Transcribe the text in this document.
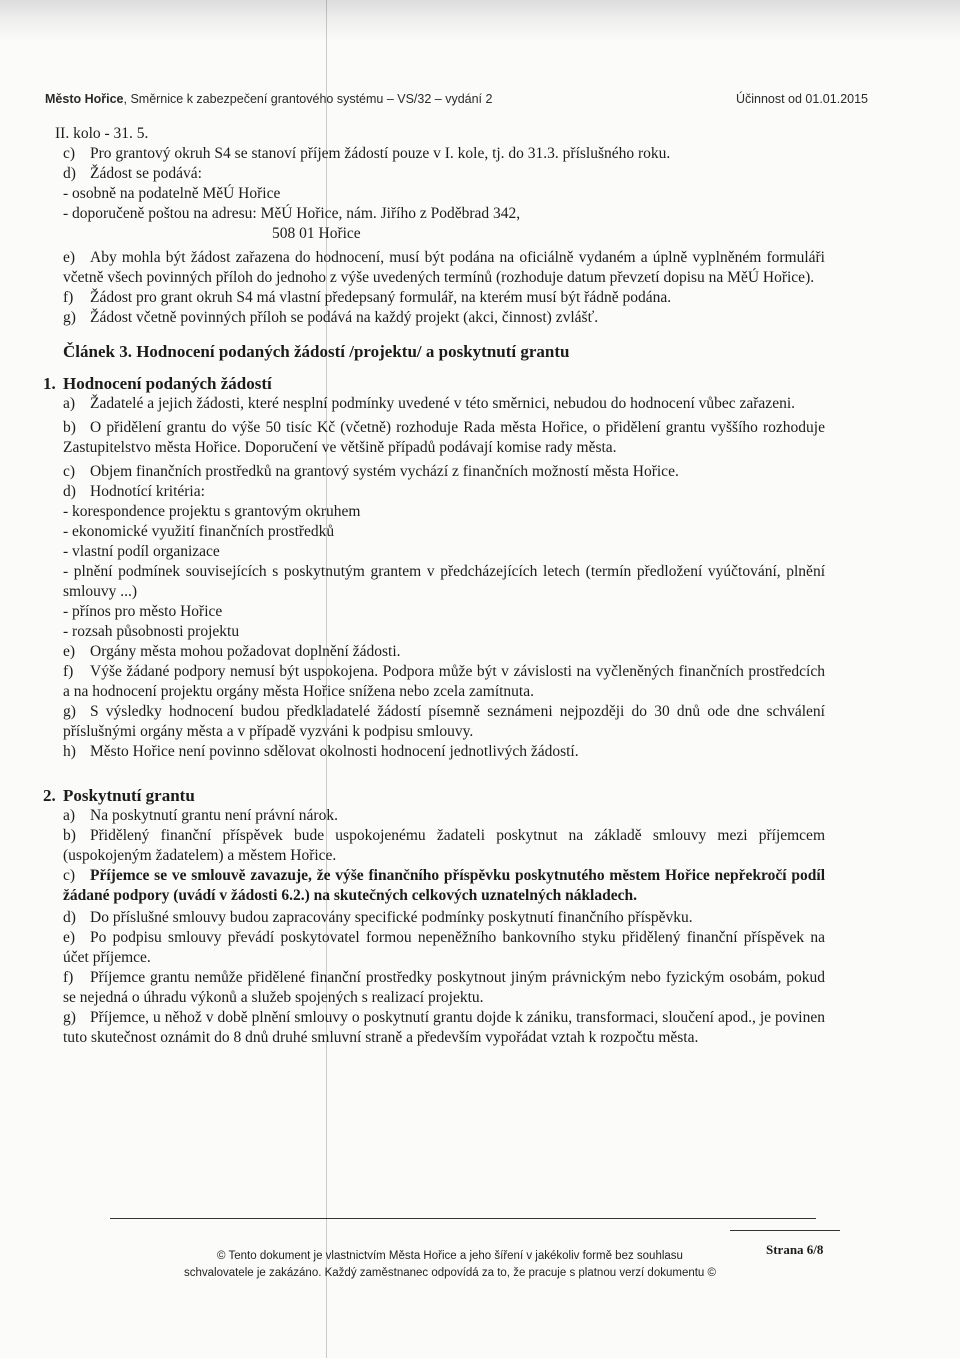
Město Hořice, Směrnice k zabezpečení grantového systému – VS/32 – vydání 2	Účinnost od 01.01.2015

II. kolo - 31. 5.

c) Pro grantový okruh S4 se stanoví příjem žádostí pouze v I. kole, tj. do 31.3. příslušného roku.
d) Žádost se podává:

- osobně na podatelně MěÚ Hořice

- doporučeně poštou na adresu: MěÚ Hořice, nám. Jiřího z Poděbrad 342,

508 01 Hořice

e) Aby mohla být žádost zařazena do hodnocení, musí být podána na oficiálně vydaném a úplně vyplněném formuláři včetně všech povinných příloh do jednoho z výše uvedených termínů (rozhoduje datum převzetí dopisu na MěÚ Hořice).
f)	Žádost pro grant okruh S4 má vlastní předepsaný formulář, na kterém musí být řádně podána.
g) Žádost včetně povinných příloh se podává na každý projekt (akci, činnost) zvlášť.

Článek 3. Hodnocení podaných žádostí /projektu/ a poskytnutí grantu

1. Hodnocení podaných žádostí
a) Žadatelé a jejich žádosti, které nesplní podmínky uvedené v této směrnici, nebudou do hodnocení vůbec zařazeni.
b) O přidělení grantu do výše 50 tisíc Kč (včetně) rozhoduje Rada města Hořice, o přidělení grantu vyššího rozhoduje Zastupitelstvo města Hořice. Doporučení ve většině případů podávají komise rady města.
c) Objem finančních prostředků na grantový systém vychází z finančních možností města Hořice.
d) Hodnotící kritéria:

- korespondence projektu s grantovým okruhem

- ekonomické využití finančních prostředků

- vlastní podíl organizace

- plnění podmínek souvisejících s poskytnutým grantem v předcházejících letech (termín předložení vyúčtování, plnění smlouvy ...)

- přínos pro město Hořice

- rozsah působnosti projektu

e) Orgány města mohou požadovat doplnění žádosti.
f)	Výše žádané podpory nemusí být uspokojena. Podpora může být v závislosti na vyčleněných finančních prostředcích a na hodnocení projektu orgány města Hořice snížena nebo zcela zamítnuta.
g) S výsledky hodnocení budou předkladatelé žádostí písemně seznámeni nejpozději do 30 dnů ode dne schválení příslušnými orgány města a v případě vyzváni k podpisu smlouvy.
h) Město Hořice není povinno sdělovat okolnosti hodnocení jednotlivých žádostí.
2. Poskytnutí grantu
a) Na poskytnutí grantu není právní nárok.
b) Přidělený finanční příspěvek bude uspokojenému žadateli poskytnut na základě smlouvy mezi příjemcem (uspokojeným žadatelem) a městem Hořice.
c) Příjemce se ve smlouvě zavazuje, že výše finančního příspěvku poskytnutého městem Hořice nepřekročí podíl žádané podpory (uvádí v žádosti 6.2.) na skutečných celkových uznatelných nákladech.
d) Do příslušné smlouvy budou zapracovány specifické podmínky poskytnutí finančního příspěvku.
e) Po podpisu smlouvy převádí poskytovatel formou nepeněžního bankovního styku přidělený finanční příspěvek na účet příjemce.
f)	Příjemce grantu nemůže přidělené finanční prostředky poskytnout jiným právnickým nebo fyzickým osobám, pokud se nejedná o úhradu výkonů a služeb spojených s realizací projektu.
g) Příjemce, u něhož v době plnění smlouvy o poskytnutí grantu dojde k zániku, transformaci, sloučení apod., je povinen tuto skutečnost oznámit do 8 dnů druhé smluvní straně a především vypořádat vztah k rozpočtu města.
© Tento dokument je vlastnictvím Města Hořice a jeho šíření v jakékoliv formě bez souhlasu
schvalovatele je zakázáno. Každý zaměstnanec odpovídá za to, že pracuje s platnou verzí dokumentu ©
Strana 6/8
